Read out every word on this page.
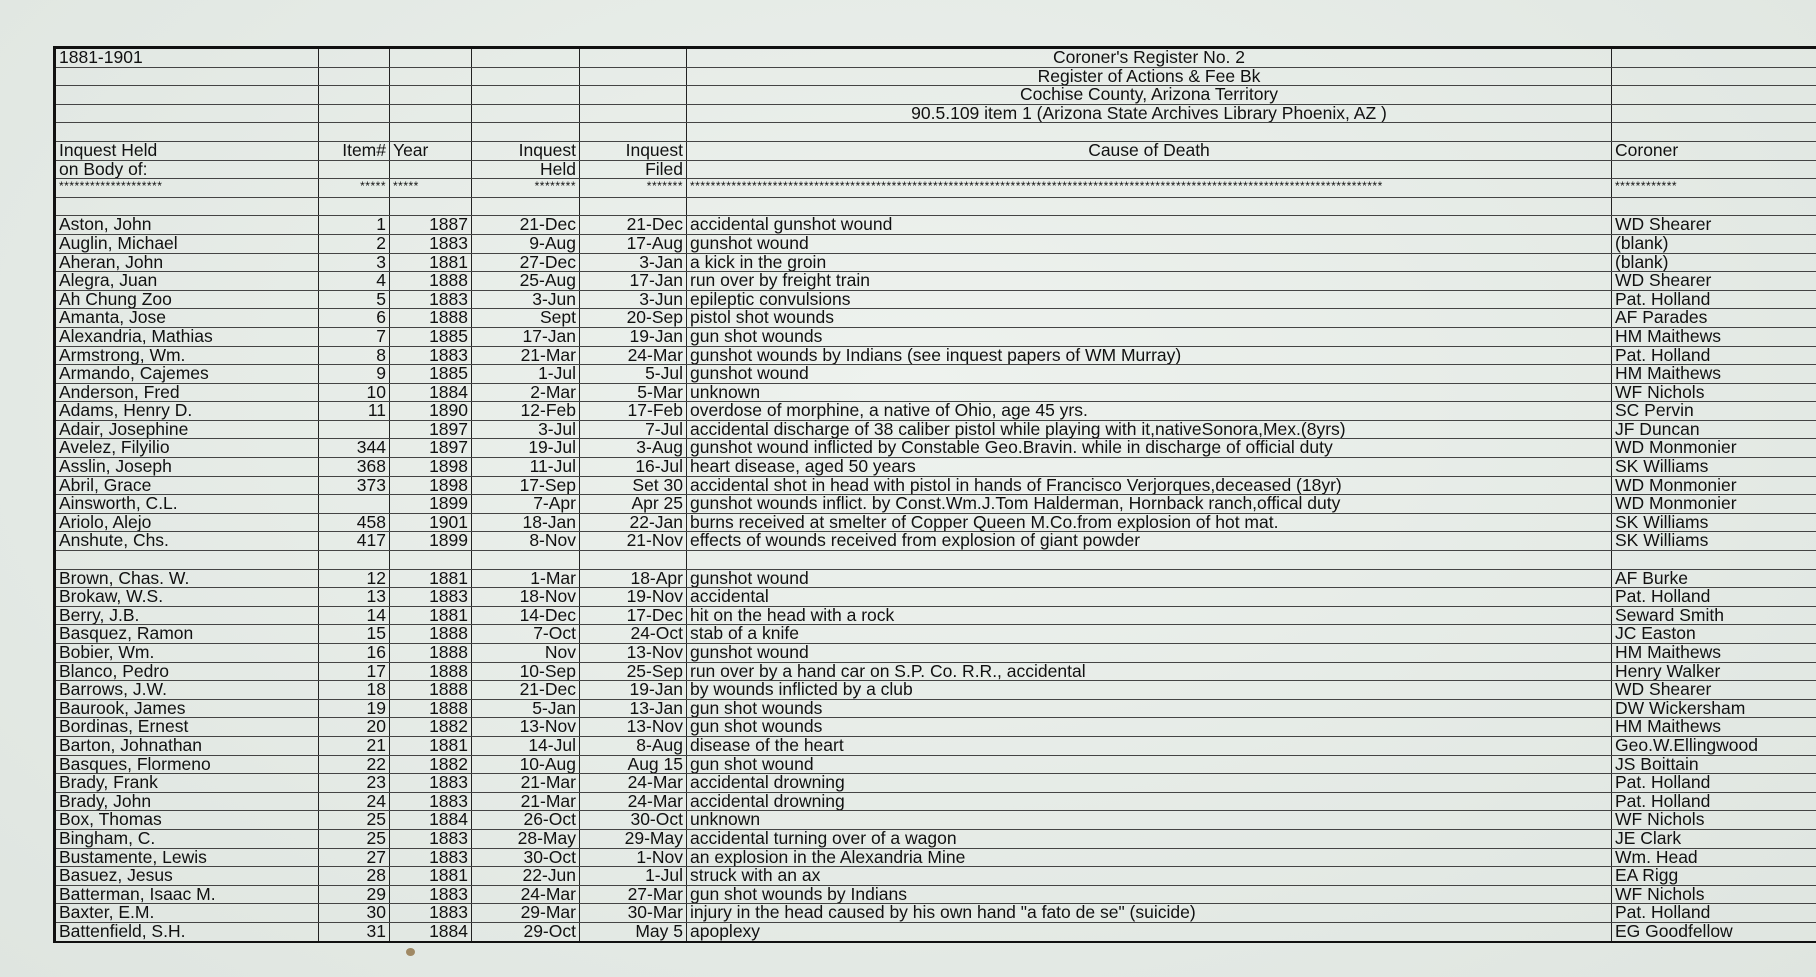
1881-1901					Coroner's Register No. 2	
					Register of Actions & Fee Bk	
					Cochise County, Arizona Territory	
					90.5.109 item 1 (Arizona State Archives Library Phoenix, AZ )	

Inquest Held	Item#	Year	Inquest	Inquest	Cause of Death	Coroner
on Body of:			Held	Filed		
********************	*****	*****	********	*******	**************************************************************************************************************************************	************

Aston, John	1	1887	21-Dec	21-Dec	accidental gunshot wound	WD Shearer
Auglin, Michael	2	1883	9-Aug	17-Aug	gunshot wound	(blank)
Aheran, John	3	1881	27-Dec	3-Jan	a kick in the groin	(blank)
Alegra, Juan	4	1888	25-Aug	17-Jan	run over by freight train	WD Shearer
Ah Chung Zoo	5	1883	3-Jun	3-Jun	epileptic convulsions	Pat. Holland
Amanta, Jose	6	1888	Sept	20-Sep	pistol shot wounds	AF Parades
Alexandria, Mathias	7	1885	17-Jan	19-Jan	gun shot wounds	HM Maithews
Armstrong, Wm.	8	1883	21-Mar	24-Mar	gunshot wounds by Indians (see inquest papers of WM Murray)	Pat. Holland
Armando, Cajemes	9	1885	1-Jul	5-Jul	gunshot wound	HM Maithews
Anderson, Fred	10	1884	2-Mar	5-Mar	unknown	WF Nichols
Adams, Henry D.	11	1890	12-Feb	17-Feb	overdose of morphine, a native of Ohio, age 45 yrs.	SC Pervin
Adair, Josephine		1897	3-Jul	7-Jul	accidental discharge of 38 caliber pistol while playing with it,nativeSonora,Mex.(8yrs)	JF Duncan
Avelez, Filyilio	344	1897	19-Jul	3-Aug	gunshot wound inflicted by Constable Geo.Bravin. while in discharge of official duty	WD Monmonier
Asslin, Joseph	368	1898	11-Jul	16-Jul	heart disease, aged 50 years	SK Williams
Abril, Grace	373	1898	17-Sep	Set 30	accidental shot in head with pistol in hands of Francisco Verjorques,deceased (18yr)	WD Monmonier
Ainsworth, C.L.		1899	7-Apr	Apr 25	gunshot wounds inflict. by Const.Wm.J.Tom Halderman, Hornback ranch,offical duty	WD Monmonier
Ariolo, Alejo	458	1901	18-Jan	22-Jan	burns received at smelter of Copper Queen M.Co.from explosion of hot mat.	SK Williams
Anshute, Chs.	417	1899	8-Nov	21-Nov	effects of wounds received from explosion of giant powder	SK Williams

Brown, Chas. W.	12	1881	1-Mar	18-Apr	gunshot wound	AF Burke
Brokaw, W.S.	13	1883	18-Nov	19-Nov	accidental	Pat. Holland
Berry, J.B.	14	1881	14-Dec	17-Dec	hit on the head with a rock	Seward Smith
Basquez, Ramon	15	1888	7-Oct	24-Oct	stab of a knife	JC Easton
Bobier, Wm.	16	1888	Nov	13-Nov	gunshot wound	HM Maithews
Blanco, Pedro	17	1888	10-Sep	25-Sep	run over by a hand car on S.P. Co. R.R., accidental	Henry Walker
Barrows, J.W.	18	1888	21-Dec	19-Jan	by wounds inflicted by a club	WD Shearer
Baurook, James	19	1888	5-Jan	13-Jan	gun shot wounds	DW Wickersham
Bordinas, Ernest	20	1882	13-Nov	13-Nov	gun shot wounds	HM Maithews
Barton, Johnathan	21	1881	14-Jul	8-Aug	disease of the heart	Geo.W.Ellingwood
Basques, Flormeno	22	1882	10-Aug	Aug 15	gun shot wound	JS Boittain
Brady, Frank	23	1883	21-Mar	24-Mar	accidental drowning	Pat. Holland
Brady, John	24	1883	21-Mar	24-Mar	accidental drowning	Pat. Holland
Box, Thomas	25	1884	26-Oct	30-Oct	unknown	WF Nichols
Bingham, C.	25	1883	28-May	29-May	accidental turning over of a wagon	JE Clark
Bustamente, Lewis	27	1883	30-Oct	1-Nov	an explosion in the Alexandria Mine	Wm. Head
Basuez, Jesus	28	1881	22-Jun	1-Jul	struck with an ax	EA Rigg
Batterman, Isaac M.	29	1883	24-Mar	27-Mar	gun shot wounds by Indians	WF Nichols
Baxter, E.M.	30	1883	29-Mar	30-Mar	injury in the head caused by his own hand "a fato de se" (suicide)	Pat. Holland
Battenfield, S.H.	31	1884	29-Oct	May 5	apoplexy	EG Goodfellow
